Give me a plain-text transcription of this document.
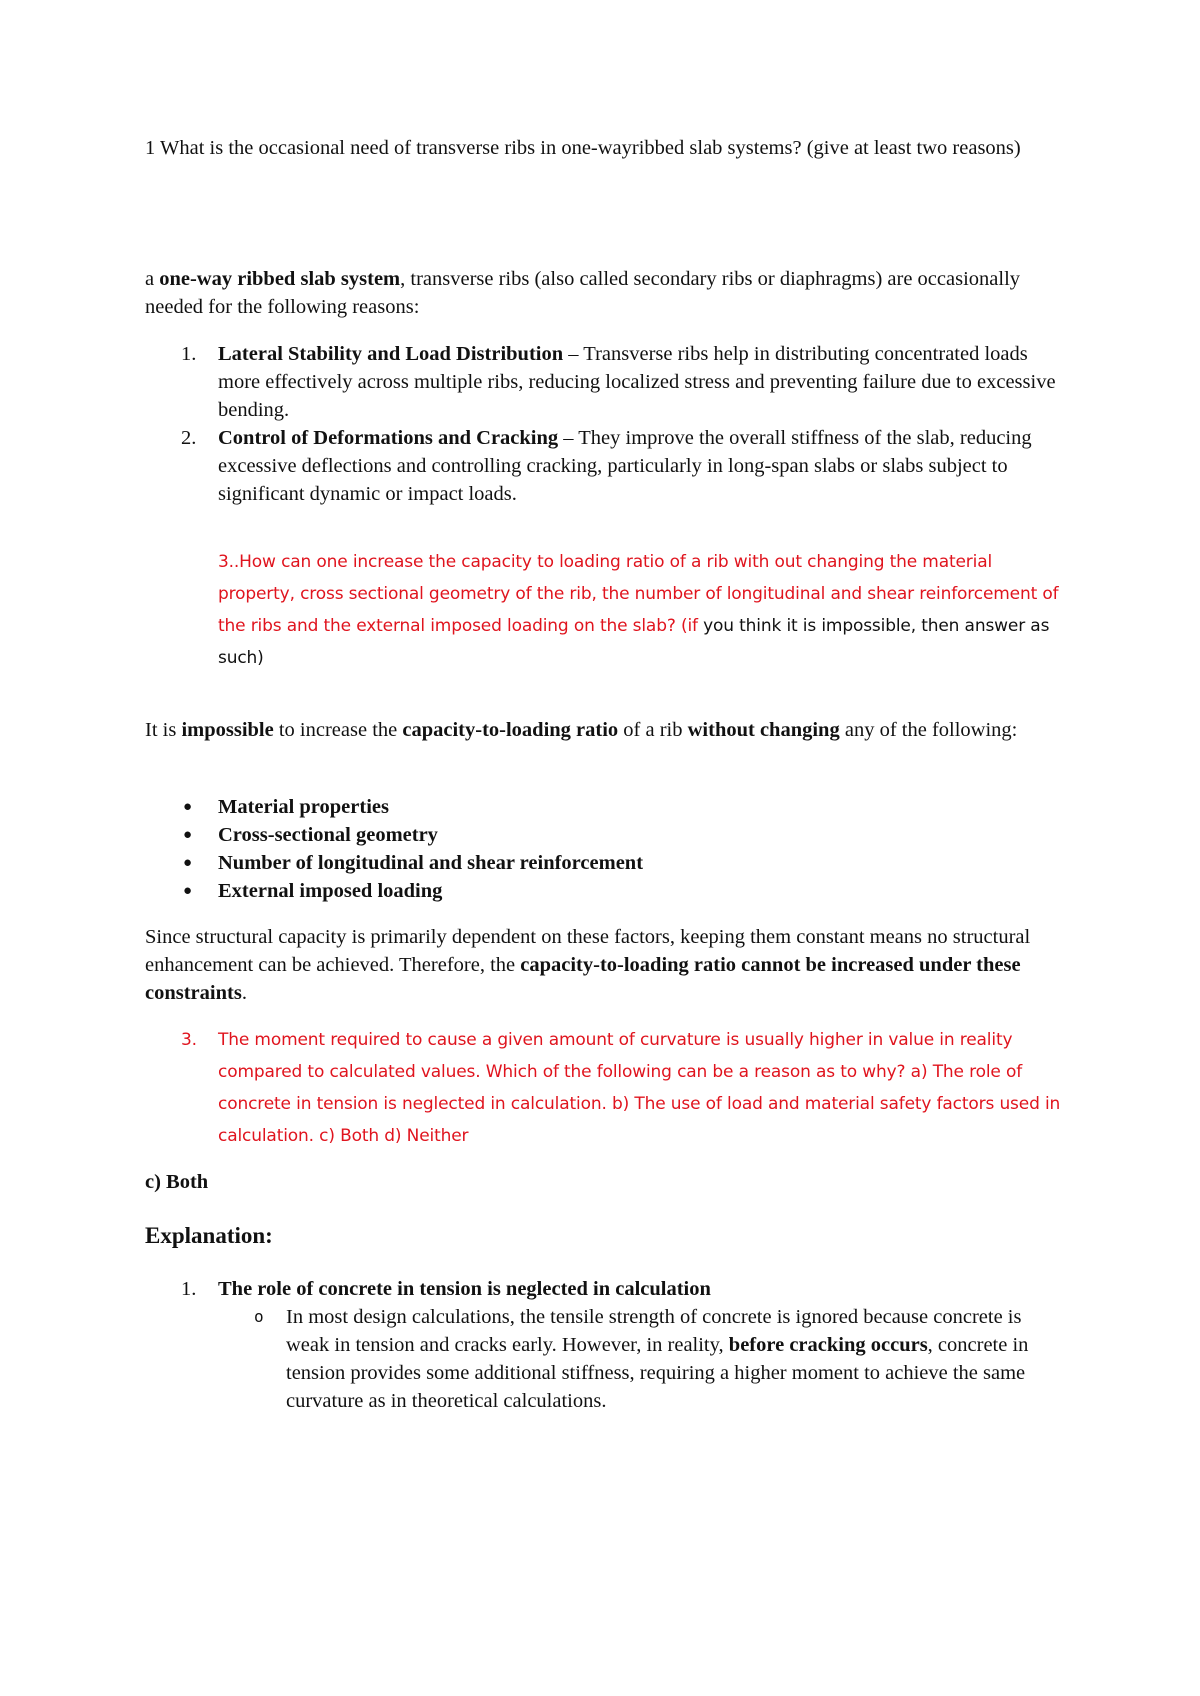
1 What is the occasional need of transverse ribs in one-wayribbed slab systems? (give at least two reasons)

a one-way ribbed slab system, transverse ribs (also called secondary ribs or diaphragms) are occasionally needed for the following reasons:

1. Lateral Stability and Load Distribution – Transverse ribs help in distributing concentrated loads more effectively across multiple ribs, reducing localized stress and preventing failure due to excessive bending.
2. Control of Deformations and Cracking – They improve the overall stiffness of the slab, reducing excessive deflections and controlling cracking, particularly in long-span slabs or slabs subject to significant dynamic or impact loads.

3..How can one increase the capacity to loading ratio of a rib with out changing the material property, cross sectional geometry of the rib, the number of longitudinal and shear reinforcement of the ribs and the external imposed loading on the slab? (if you think it is impossible, then answer as such)

It is impossible to increase the capacity-to-loading ratio of a rib without changing any of the following:

● Material properties
● Cross-sectional geometry
● Number of longitudinal and shear reinforcement
● External imposed loading

Since structural capacity is primarily dependent on these factors, keeping them constant means no structural enhancement can be achieved. Therefore, the capacity-to-loading ratio cannot be increased under these constraints.

3. The moment required to cause a given amount of curvature is usually higher in value in reality compared to calculated values. Which of the following can be a reason as to why? a) The role of concrete in tension is neglected in calculation. b) The use of load and material safety factors used in calculation. c) Both d) Neither

c) Both

Explanation:
1. The role of concrete in tension is neglected in calculation
o In most design calculations, the tensile strength of concrete is ignored because concrete is weak in tension and cracks early. However, in reality, before cracking occurs, concrete in tension provides some additional stiffness, requiring a higher moment to achieve the same curvature as in theoretical calculations.
